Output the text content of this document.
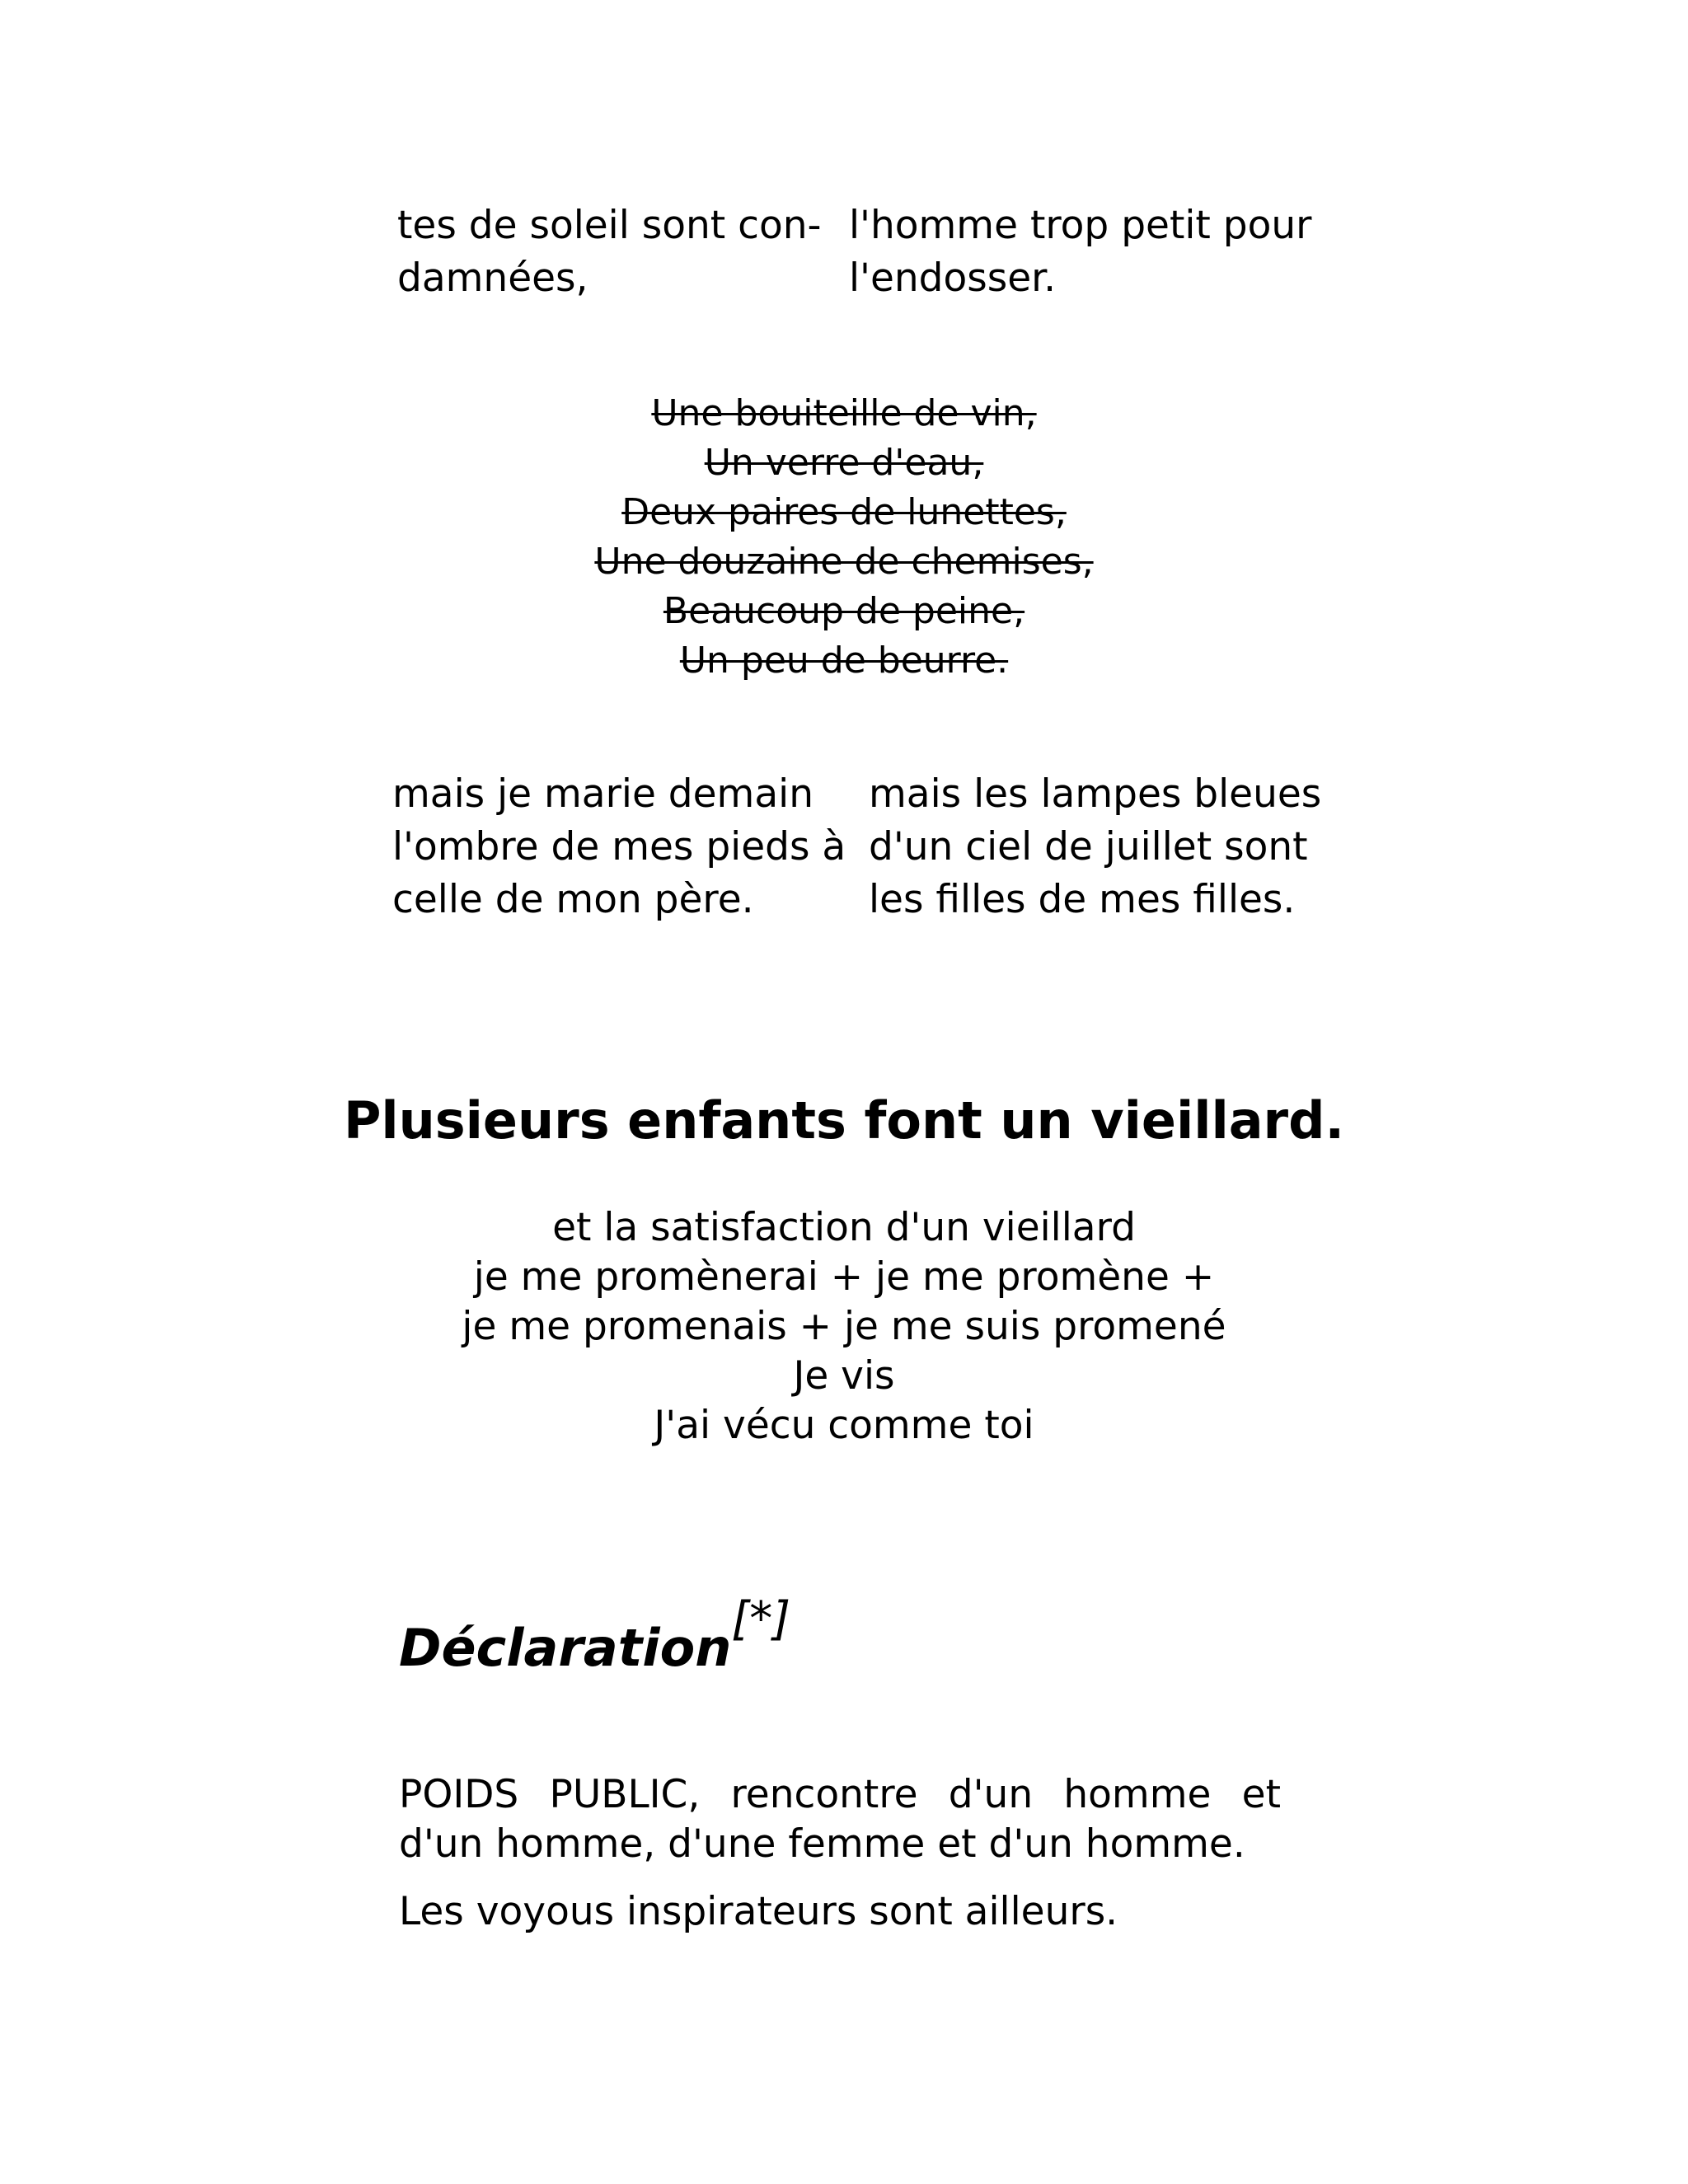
tes de soleil sont con-
damnées,
l'homme trop petit pour
l'endosser.
Une bouiteille de vin,
Un verre d'eau,
Deux paires de lunettes,
Une douzaine de chemises,
Beaucoup de peine,
Un peu de beurre.
mais je marie demain
l'ombre de mes pieds à
celle de mon père.
mais les lampes bleues
d'un ciel de juillet sont
les filles de mes filles.
Plusieurs enfants font un vieillard.
et la satisfaction d'un vieillard
je me promènerai + je me promène +
je me promenais + je me suis promené
Je vis
J'ai vécu comme toi
Déclaration[*]

POIDS PUBLIC, rencontre d'un homme et d'un homme, d'une femme et d'un homme.

Les voyous inspirateurs sont ailleurs.
